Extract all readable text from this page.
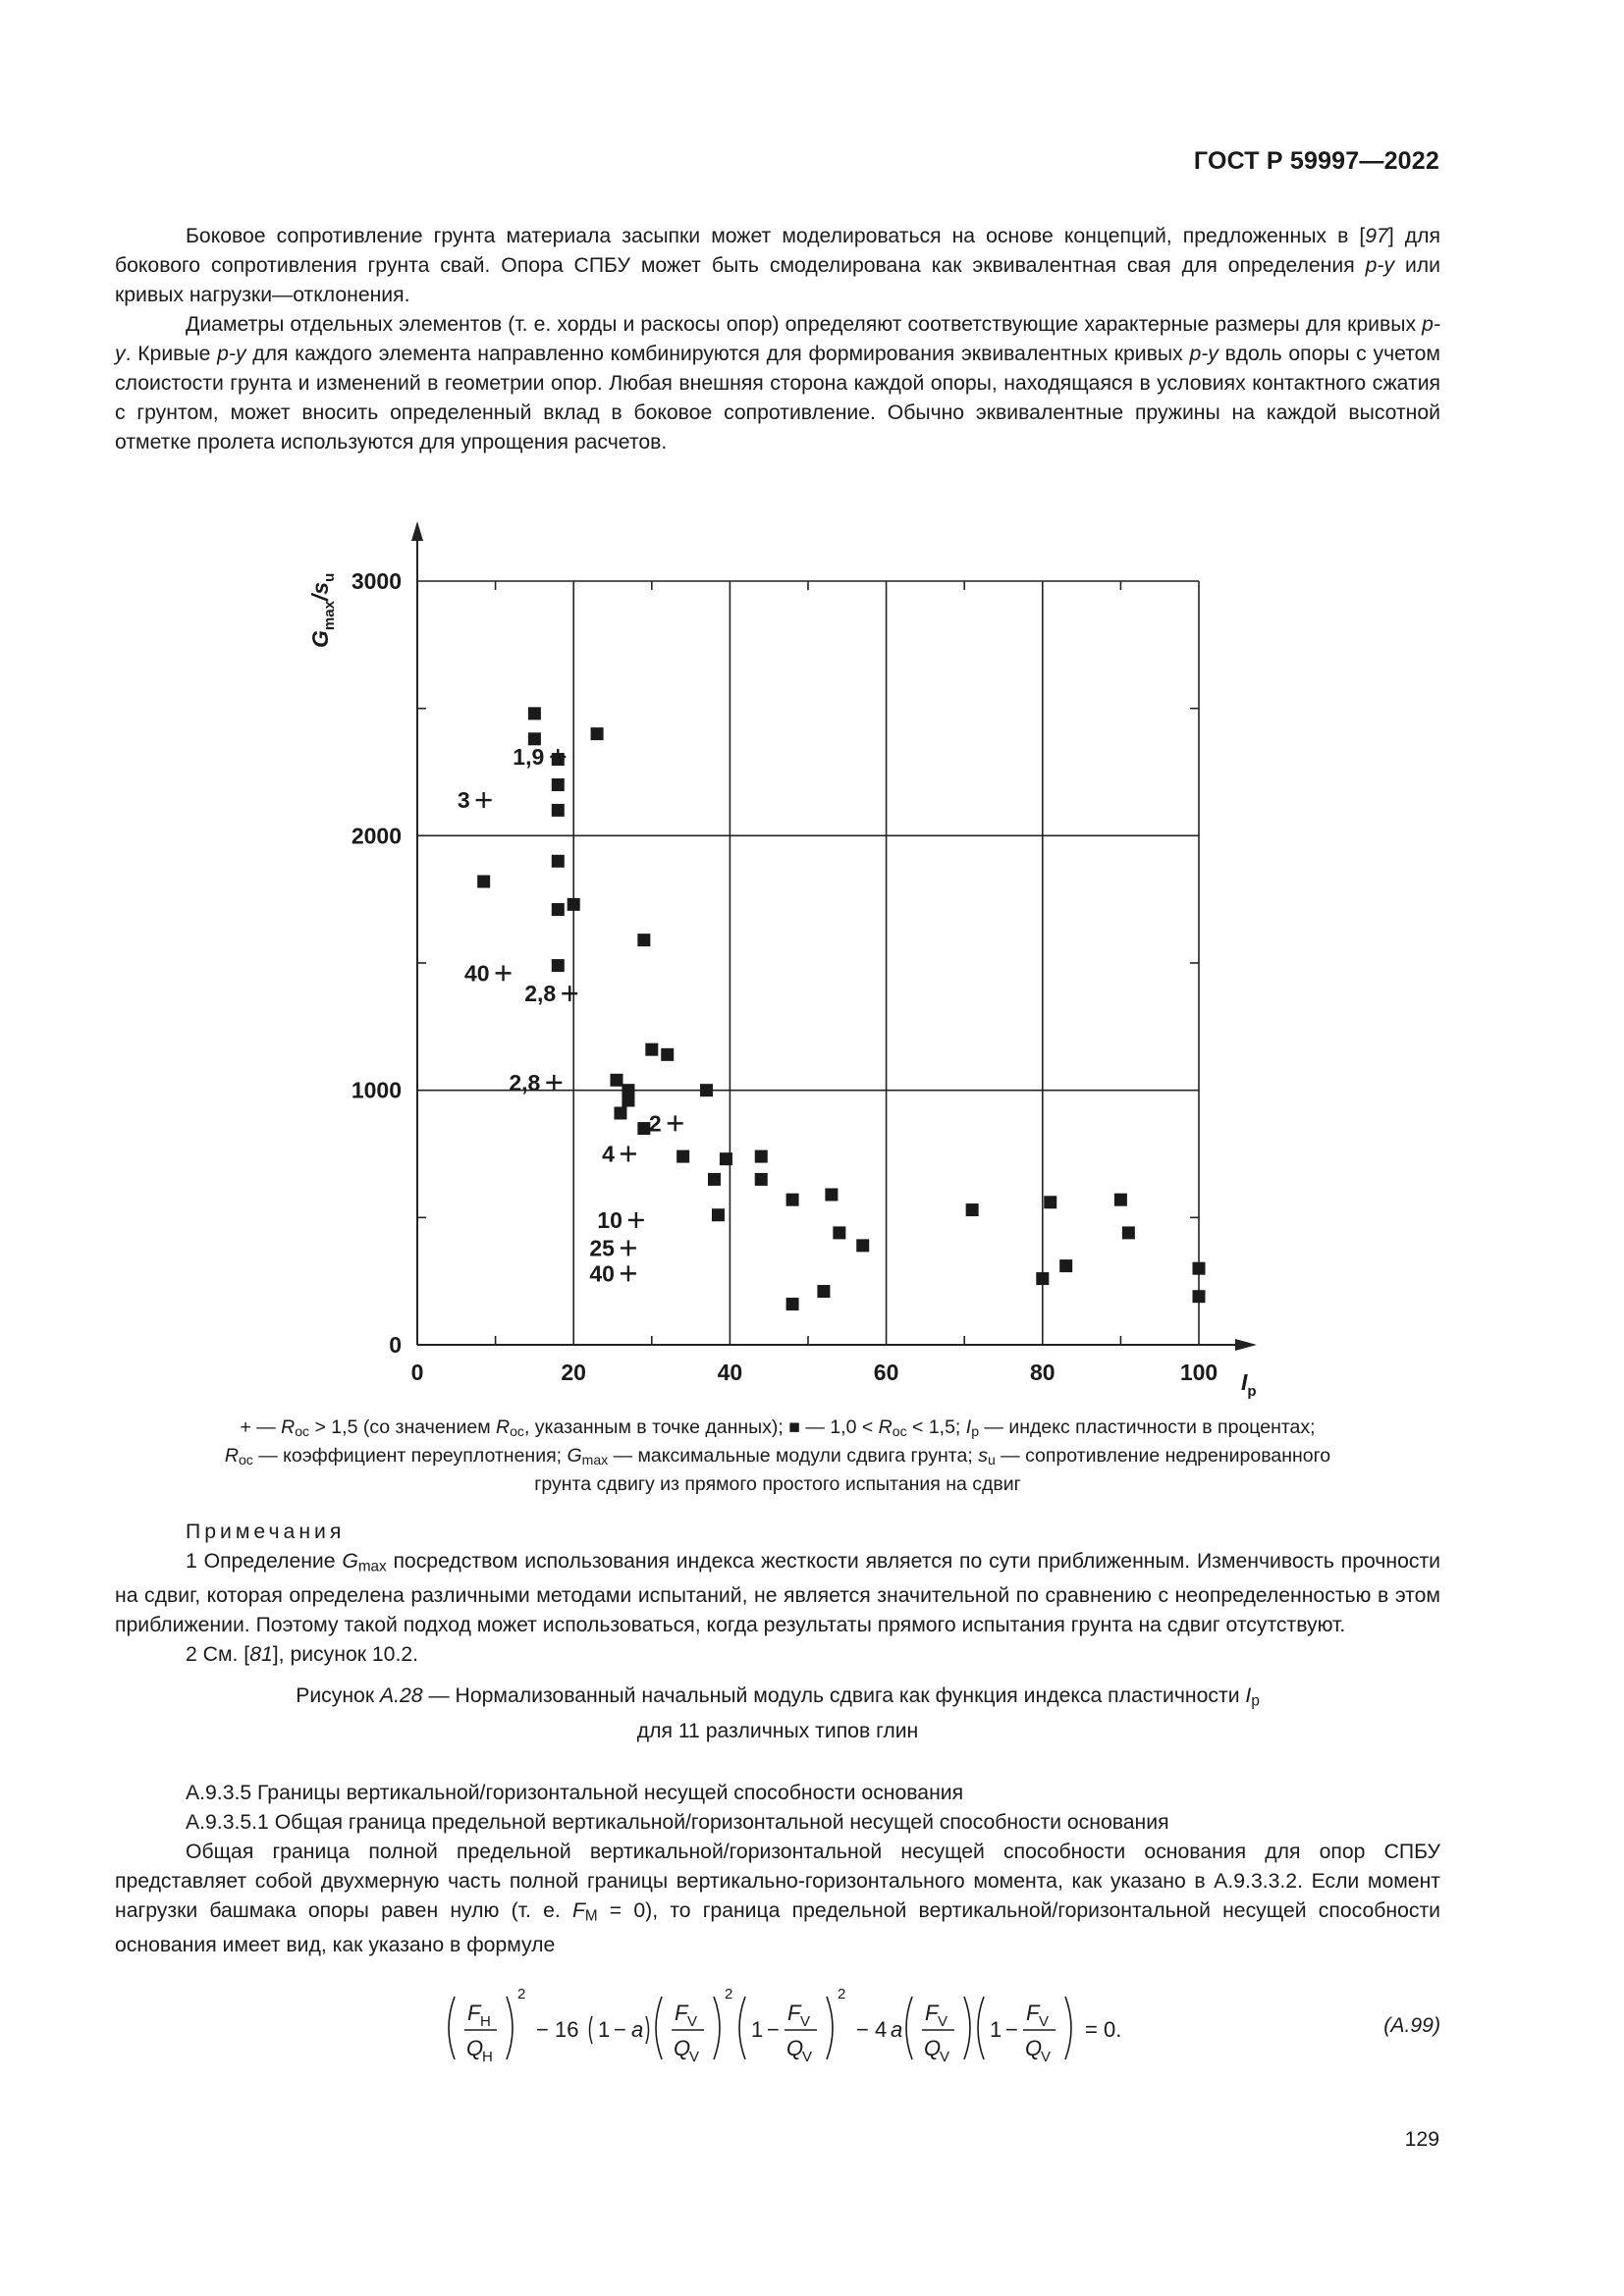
ГОСТ Р 59997—2022

Боковое сопротивление грунта материала засыпки может моделироваться на основе концепций, предложенных в [97] для бокового сопротивления грунта свай. Опора СПБУ может быть смоделирована как эквивалентная свая для определения p-y или кривых нагрузки—отклонения.

Диаметры отдельных элементов (т. е. хорды и раскосы опор) определяют соответствующие характерные размеры для кривых p-y. Кривые p-y для каждого элемента направленно комбинируются для формирования эквивалентных кривых p-y вдоль опоры с учетом слоистости грунта и изменений в геометрии опор. Любая внешняя сторона каждой опоры, находящаяся в условиях контактного сжатия с грунтом, может вносить определенный вклад в боковое сопротивление. Обычно эквивалентные пружины на каждой высотной отметке пролета используются для упрощения расчетов.

0	20	40	60	80	100
0
1000
2000
3000
1,9
3
40
2,8
2,8
2
4
10
25
40
$G_{max}/s_u$
$I_p$
+ — $R_{ос} > 1,5$ (со значением $R_{ос}$, указанным в точке данных); ■ — $1,0 < R_{ос} < 1,5$; $I_р$ — индекс пластичности в процентах;
$R_{ос}$ — коэффициент переуплотнения; $G_{max}$ — максимальные модули сдвига грунта; $s_u$ — сопротивление недренированного
грунта сдвигу из прямого простого испытания на сдвиг

Примечания

1 Определение $G_{max}$ посредством использования индекса жесткости является по сути приближенным. Изменчивость прочности на сдвиг, которая определена различными методами испытаний, не является значительной по сравнению с неопределенностью в этом приближении. Поэтому такой подход может использоваться, когда результаты прямого испытания грунта на сдвиг отсутствуют.

2 См. [81], рисунок 10.2.

Рисунок А.28 — Нормализованный начальный модуль сдвига как функция индекса пластичности $I_р$
для 11 различных типов глин

А.9.3.5 Границы вертикальной/горизонтальной несущей способности основания

А.9.3.5.1 Общая граница предельной вертикальной/горизонтальной несущей способности основания

Общая граница полной предельной вертикальной/горизонтальной несущей способности основания для опор СПБУ представляет собой двухмерную часть полной границы вертикально-горизонтального момента, как указано в А.9.3.3.2. Если момент нагрузки башмака опоры равен нулю (т. е. $F_M = 0$), то граница предельной вертикальной/горизонтальной несущей способности основания имеет вид, как указано в формуле

F H
Q
H
2
− 16 1 − a
F V
Q
V
2
1 −
F V
Q
V
2
− 4 a
F V
Q
V
1 −
F V
Q
V
= 0.	(А.99)
129
